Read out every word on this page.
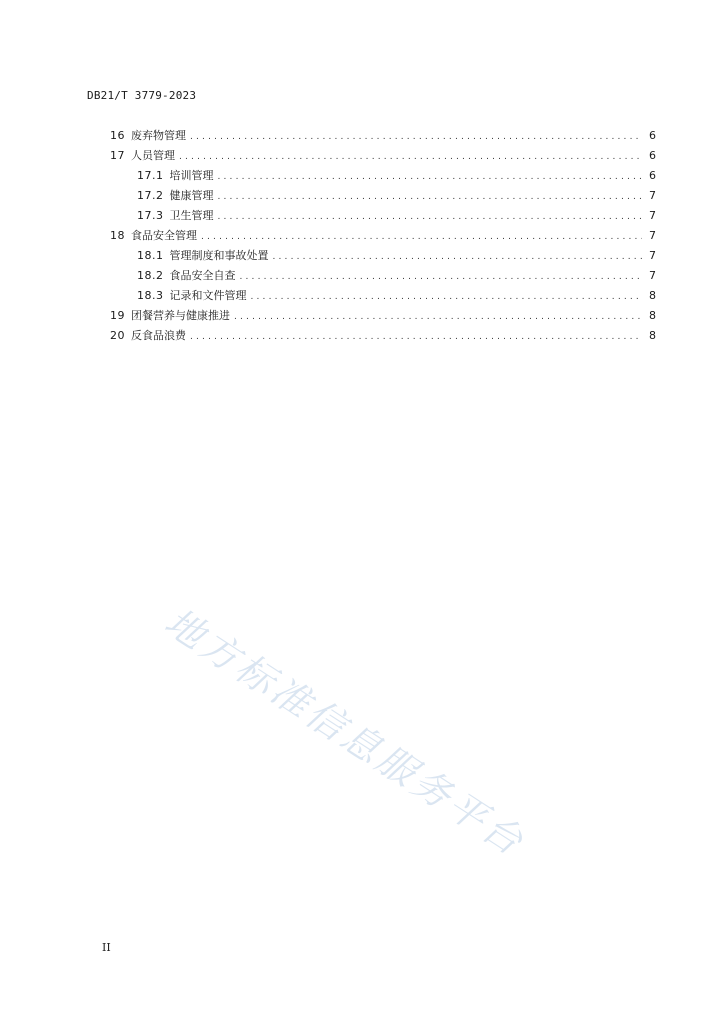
DB21/T 3779-2023
16 废弃物管理 . . .	6
17 人员管理 . . .	6
17.1 培训管理 . . .	6
17.2 健康管理 . . .	7
17.3 卫生管理 . . .	7
18 食品安全管理 . . .	7
18.1 管理制度和事故处置 . . .	7
18.2 食品安全自查 . . .	7
18.3 记录和文件管理 . . .	8
19 团餐营养与健康推进 . . .	8
20 反食品浪费 . . .	8
地方标准信息服务平台
II
